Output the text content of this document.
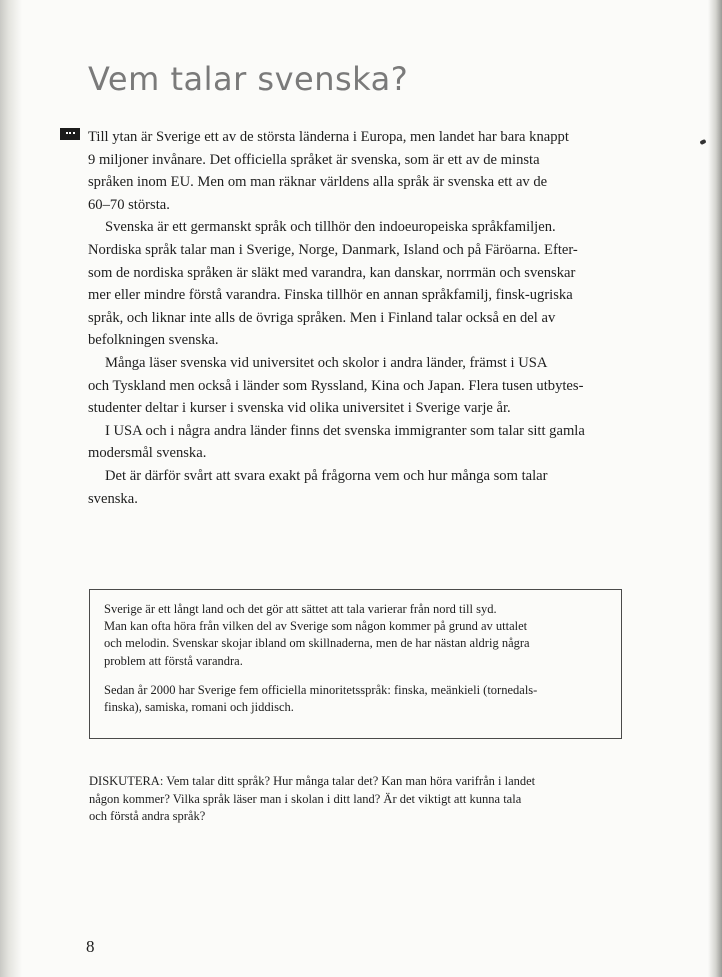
Vem talar svenska?

Till ytan är Sverige ett av de största länderna i Europa, men landet har bara knappt
9 miljoner invånare. Det officiella språket är svenska, som är ett av de minsta
språken inom EU. Men om man räknar världens alla språk är svenska ett av de
60–70 största.

Svenska är ett germanskt språk och tillhör den indoeuropeiska språkfamiljen.
Nordiska språk talar man i Sverige, Norge, Danmark, Island och på Färöarna. Efter-
som de nordiska språken är släkt med varandra, kan danskar, norrmän och svenskar
mer eller mindre förstå varandra. Finska tillhör en annan språkfamilj, finsk-ugriska
språk, och liknar inte alls de övriga språken. Men i Finland talar också en del av
befolkningen svenska.

Många läser svenska vid universitet och skolor i andra länder, främst i USA
och Tyskland men också i länder som Ryssland, Kina och Japan. Flera tusen utbytes-
studenter deltar i kurser i svenska vid olika universitet i Sverige varje år.

I USA och i några andra länder finns det svenska immigranter som talar sitt gamla
modersmål svenska.

Det är därför svårt att svara exakt på frågorna vem och hur många som talar
svenska.

Sverige är ett långt land och det gör att sättet att tala varierar från nord till syd.
Man kan ofta höra från vilken del av Sverige som någon kommer på grund av uttalet
och melodin. Svenskar skojar ibland om skillnaderna, men de har nästan aldrig några
problem att förstå varandra.

Sedan år 2000 har Sverige fem officiella minoritetsspråk: finska, meänkieli (tornedals-
finska), samiska, romani och jiddisch.

DISKUTERA: Vem talar ditt språk? Hur många talar det? Kan man höra varifrån i landet
någon kommer? Vilka språk läser man i skolan i ditt land? Är det viktigt att kunna tala
och förstå andra språk?
8
